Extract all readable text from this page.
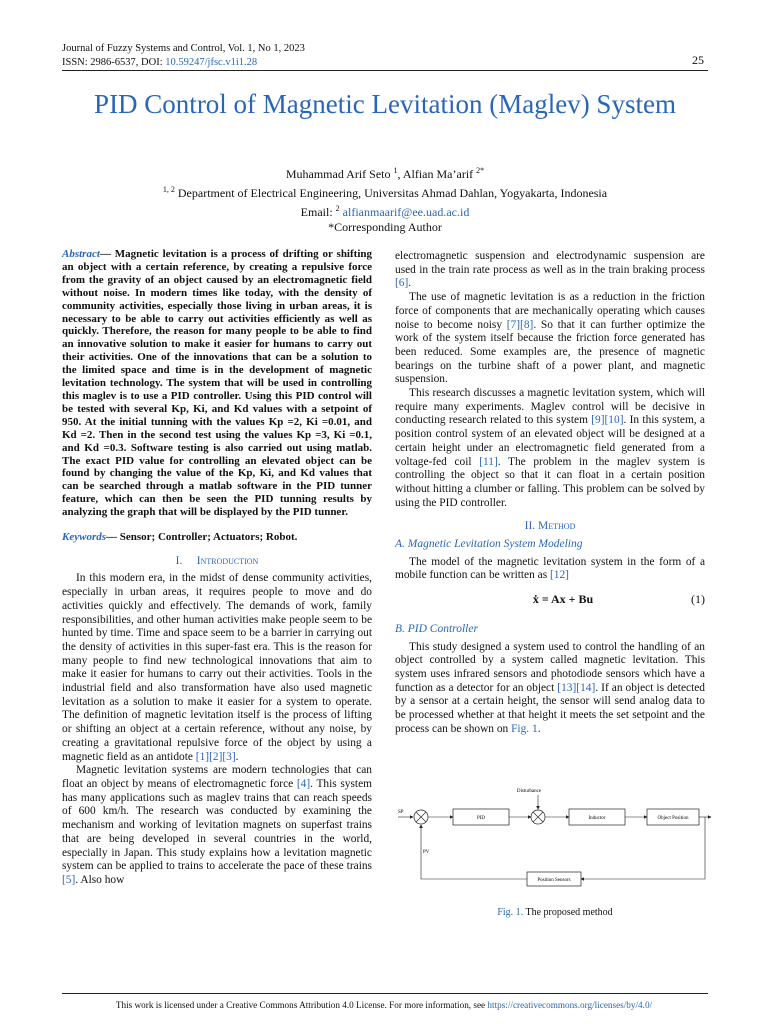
Journal of Fuzzy Systems and Control, Vol. 1, No 1, 2023
ISSN: 2986-6537, DOI: 10.59247/jfsc.v1i1.28	25
PID Control of Magnetic Levitation (Maglev) System
Muhammad Arif Seto $^1$, Alfian Ma’arif $^{2*}$
$^{1, 2}$ Department of Electrical Engineering, Universitas Ahmad Dahlan, Yogyakarta, Indonesia
Email: $^2$ alfianmaarif@ee.uad.ac.id
*Corresponding Author
Abstract— Magnetic levitation is a process of drifting or shifting an object with a certain reference, by creating a repulsive force from the gravity of an object caused by an electromagnetic field without noise. In modern times like today, with the density of community activities, especially those living in urban areas, it is necessary to be able to carry out activities efficiently as well as quickly. Therefore, the reason for many people to be able to find an innovative solution to make it easier for humans to carry out their activities. One of the innovations that can be a solution to the limited space and time is in the development of magnetic levitation technology. The system that will be used in controlling this maglev is to use a PID controller. Using this PID control will be tested with several Kp, Ki, and Kd values with a setpoint of 950. At the initial tunning with the values Kp =2, Ki =0.01, and Kd =2. Then in the second test using the values Kp =3, Ki =0.1, and Kd =0.3. Software testing is also carried out using matlab. The exact PID value for controlling an elevated object can be found by changing the value of the Kp, Ki, and Kd values that can be searched through a matlab software in the PID tunner feature, which can then be seen the PID tunning results by analyzing the graph that will be displayed by the PID tunner.
Keywords— Sensor; Controller; Actuators; Robot.
I. Introduction

In this modern era, in the midst of dense community activities, especially in urban areas, it requires people to move and do activities quickly and effectively. The demands of work, family responsibilities, and other human activities make people seem to be hunted by time. Time and space seem to be a barrier in carrying out the density of activities in this super-fast era. This is the reason for many people to find new technological innovations that aim to make it easier for humans to carry out their activities. Tools in the industrial field and also transformation have also used magnetic levitation as a solution to make it easier for a system to operate. The definition of magnetic levitation itself is the process of lifting or shifting an object at a certain reference, without any noise, by creating a gravitational repulsive force of the object by using a magnetic field as an antidote [1][2][3].

Magnetic levitation systems are modern technologies that can float an object by means of electromagnetic force [4]. This system has many applications such as maglev trains that can reach speeds of 600 km/h. The research was conducted by examining the mechanism and working of levitation magnets on superfast trains that are being developed in several countries in the world, especially in Japan. This study explains how a levitation magnetic system can be applied to trains to accelerate the pace of these trains [5]. Also how

electromagnetic suspension and electrodynamic suspension are used in the train rate process as well as in the train braking process [6].

The use of magnetic levitation is as a reduction in the friction force of components that are mechanically operating which causes noise to become noisy [7][8]. So that it can further optimize the work of the system itself because the friction force generated has been reduced. Some examples are, the presence of magnetic bearings on the turbine shaft of a power plant, and magnetic suspension.

This research discusses a magnetic levitation system, which will require many experiments. Maglev control will be decisive in conducting research related to this system [9][10]. In this system, a position control system of an elevated object will be designed at a certain height under an electromagnetic field generated from a voltage-fed coil [11]. The problem in the maglev system is controlling the object so that it can float in a certain position without hitting a clumber or falling. This problem can be solved by using the PID controller.

II. Method
A. Magnetic Levitation System Modeling

The model of the magnetic levitation system in the form of a mobile function can be written as [12]

ẋ = Ax + Bu	(1)
B. PID Controller

This study designed a system used to control the handling of an object controlled by a system called magnetic levitation. This system uses infrared sensors and photodiode sensors which have a function as a detector for an object [13][14]. If an object is detected by a sensor at a certain height, the sensor will send analog data to be processed whether at that height it meets the set setpoint and the process can be shown on Fig. 1.

SP
PID
Disturbance
Inductor	Object Position
Position Sensors
PV
Fig. 1. The proposed method
This work is licensed under a Creative Commons Attribution 4.0 License. For more information, see https://creativecommons.org/licenses/by/4.0/
